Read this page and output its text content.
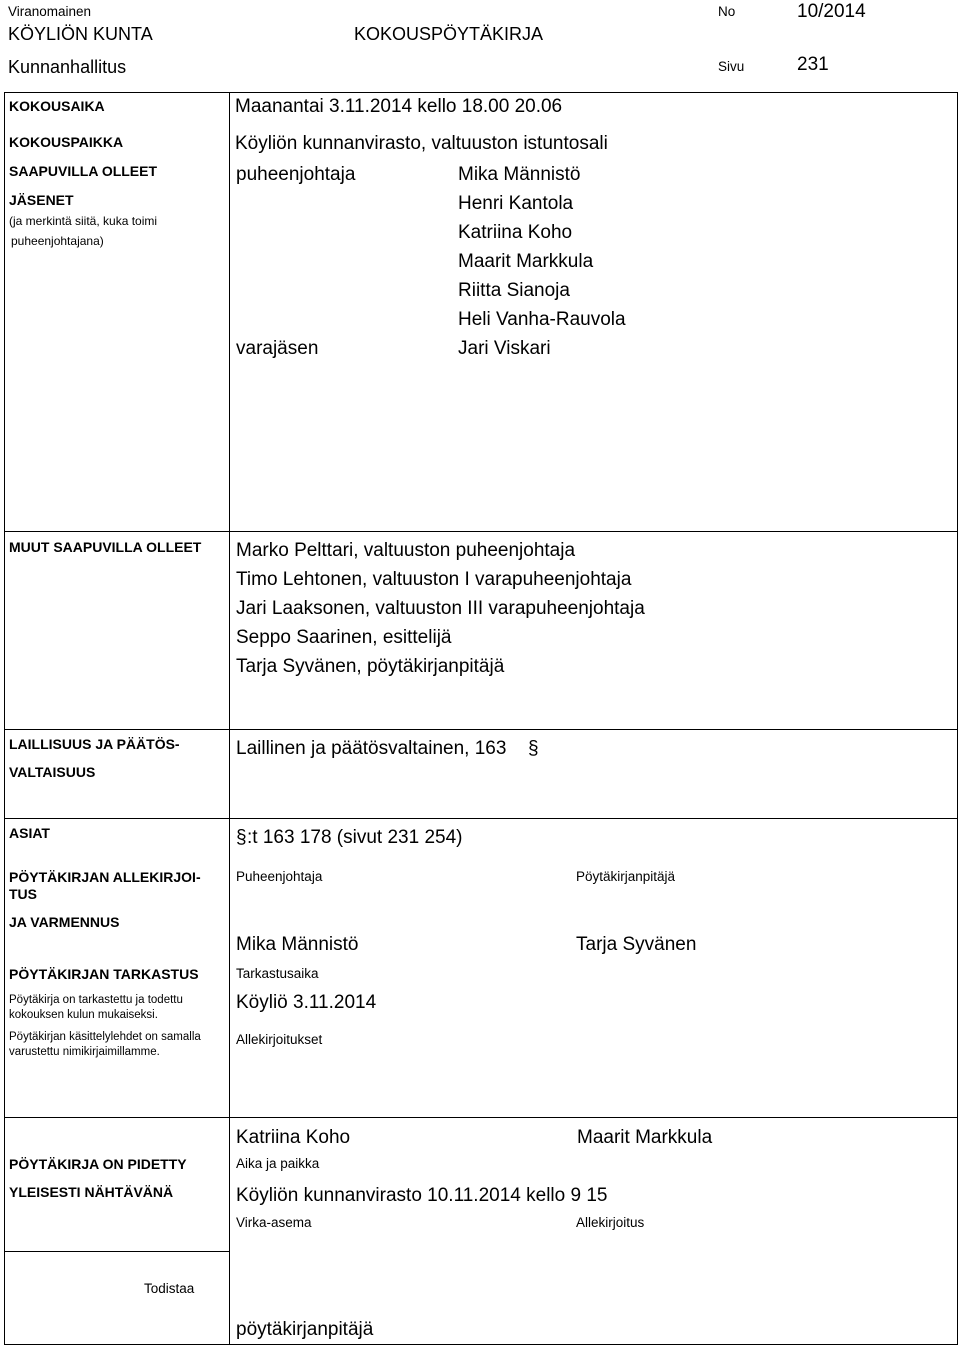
Viranomainen
KÖYLIÖN KUNTA	KOKOUSPÖYTÄKIRJA
No	10/2014
Kunnanhallitus	Sivu	231
KOKOUSAIKA	Maanantai 3.11.2014 kello 18.00 20.06
KOKOUSPAIKKA	Köyliön kunnanvirasto, valtuuston istuntosali
SAAPUVILLA OLLEET
JÄSENET
(ja merkintä siitä, kuka toimi
puheenjohtajana)
puheenjohtaja	Mika Männistö
Henri Kantola
Katriina Koho
Maarit Markkula
Riitta Sianoja
Heli Vanha-Rauvola
varajäsen	Jari Viskari
MUUT SAAPUVILLA OLLEET Marko Pelttari, valtuuston puheenjohtaja
Timo Lehtonen, valtuuston I varapuheenjohtaja
Jari Laaksonen, valtuuston III varapuheenjohtaja
Seppo Saarinen, esittelijä
Tarja Syvänen, pöytäkirjanpitäjä
LAILLISUUS JA PÄÄTÖS-
VALTAISUUS
Laillinen ja päätösvaltainen, 163 §
ASIAT	§ :t 163 178 (sivut 231 254)
PÖYTÄKIRJAN ALLEKIRJOI-
TUS
JA VARMENNUS
Puheenjohtaja	Pöytäkirjanpitäjä
Mika Männistö	Tarja Syvänen
PÖYTÄKIRJAN TARKASTUS
Pöytäkirja on tarkastettu ja todettu
kokouksen kulun mukaiseksi.
Pöytäkirjan käsittelylehdet on samalla
varustettu nimikirjaimillamme.
Tarkastusaika
Köyliö 3.11.2014
Allekirjoitukset
Katriina Koho	Maarit Markkula
PÖYTÄKIRJA ON PIDETTY
YLEISESTI NÄHTÄVÄNÄ
Aika ja paikka
Köyliön kunnanvirasto 10.11.2014 kello 9 15
Virka-asema	Allekirjoitus
Todistaa
pöytäkirjanpitäjä
